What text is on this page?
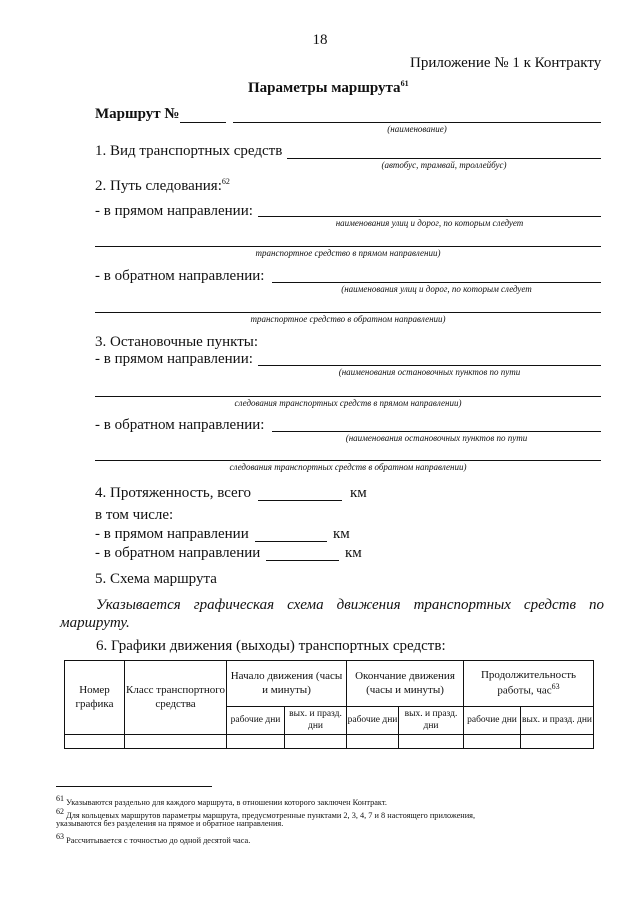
18
Приложение № 1 к Контракту
Параметры маршрута$^{61}$
Маршрут №
(наименование)
1. Вид транспортных средств
(автобус, трамвай, троллейбус)
2. Путь следования:$^{62}$
- в прямом направлении:
наименования улиц и дорог, по которым следует
транспортное средство в прямом направлении)
- в обратном направлении:
(наименования улиц и дорог, по которым следует
транспортное средство в обратном направлении)
3. Остановочные пункты:
- в прямом направлении:
(наименования остановочных пунктов по пути
следования транспортных средств в прямом направлении)
- в обратном направлении:
(наименования остановочных пунктов по пути
следования транспортных средств в обратном направлении)
4. Протяженность, всего	км
в том числе:
- в прямом направлении	км
- в обратном направлении	км
5. Схема маршрута
Указывается графическая схема движения транспортных средств по
маршруту.
6. Графики движения (выходы) транспортных средств:
Номер графика	Класс транспортного средства	Начало движения (часы и минуты)		Окончание движения (часы и минуты)		Продолжительность работы, час$^{63}$
		рабочие дни	вых. и празд. дни	рабочие дни	вых. и празд. дни	рабочие дни	вых. и празд. дни

$^{61}$ Указываются раздельно для каждого маршрута, в отношении которого заключен Контракт.
$^{62}$ Для кольцевых маршрутов параметры маршрута, предусмотренные пунктами 2, 3, 4, 7 и 8 настоящего приложения,
указываются без разделения на прямое и обратное направления.
$^{63}$ Рассчитывается с точностью до одной десятой часа.
